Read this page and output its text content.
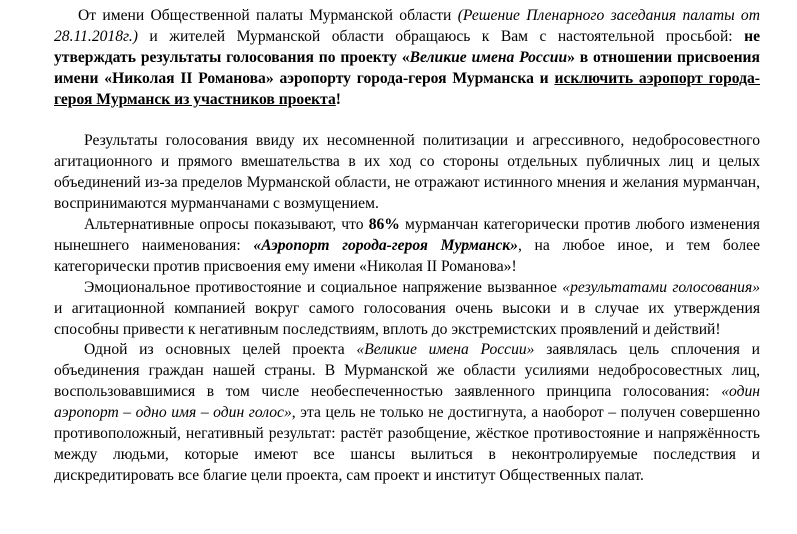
От имени Общественной палаты Мурманской области (Решение Пленарного заседания палаты от 28.11.2018г.) и жителей Мурманской области обращаюсь к Вам с настоятельной просьбой: не утверждать результаты голосования по проекту «Великие имена России» в отношении присвоения имени «Николая II Романова» аэропорту города-героя Мурманска и исключить аэропорт города-героя Мурманск из участников проекта!

Результаты голосования ввиду их несомненной политизации и агрессивного, недобросовестного агитационного и прямого вмешательства в их ход со стороны отдельных публичных лиц и целых объединений из-за пределов Мурманской области, не отражают истинного мнения и желания мурманчан, воспринимаются мурманчанами с возмущением.

Альтернативные опросы показывают, что 86% мурманчан категорически против любого изменения нынешнего наименования: «Аэропорт города-героя Мурманск», на любое иное, и тем более категорически против присвоения ему имени «Николая II Романова»!

Эмоциональное противостояние и социальное напряжение вызванное «результатами голосования» и агитационной компанией вокруг самого голосования очень высоки и в случае их утверждения способны привести к негативным последствиям, вплоть до экстремистских проявлений и действий!

Одной из основных целей проекта «Великие имена России» заявлялась цель сплочения и объединения граждан нашей страны. В Мурманской же области усилиями недобросовестных лиц, воспользовавшимися в том числе необеспеченностью заявленного принципа голосования: «один аэропорт – одно имя – один голос», эта цель не только не достигнута, а наоборот – получен совершенно противоположный, негативный результат: растёт разобщение, жёсткое противостояние и напряжённость между людьми, которые имеют все шансы вылиться в неконтролируемые последствия и дискредитировать все благие цели проекта, сам проект и институт Общественных палат.
